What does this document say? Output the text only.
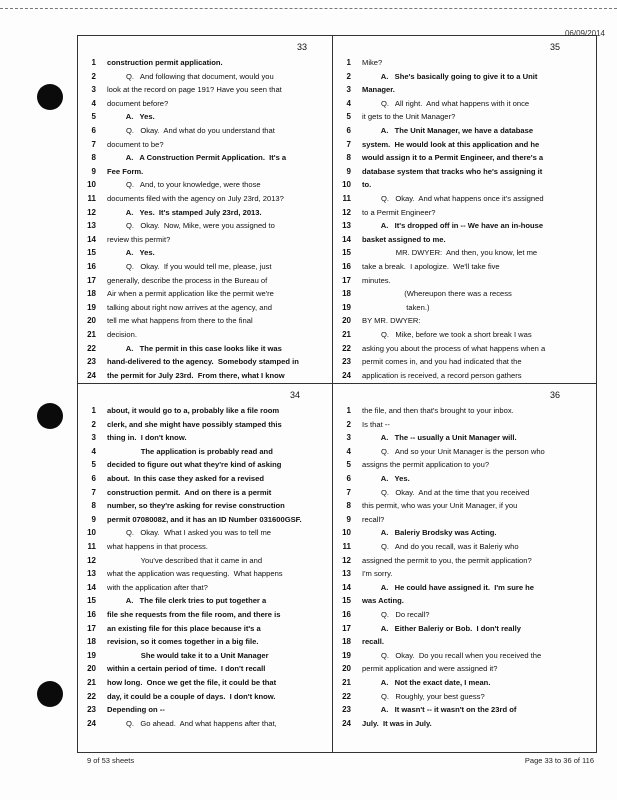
06/09/2014
33
1 construction permit application.
2 Q.   And following that document, would you
3 look at the record on page 191? Have you seen that
4 document before?
5 A.   Yes.
6 Q.   Okay.  And what do you understand that
7 document to be?
8 A.   A Construction Permit Application.  It's a
9 Fee Form.
10 Q.   And, to your knowledge, were those
11 documents filed with the agency on July 23rd, 2013?
12 A.   Yes.  It's stamped July 23rd, 2013.
13 Q.   Okay.  Now, Mike, were you assigned to
14 review this permit?
15 A.   Yes.
16 Q.   Okay.  If you would tell me, please, just
17 generally, describe the process in the Bureau of
18 Air when a permit application like the permit we're
19 talking about right now arrives at the agency, and
20 tell me what happens from there to the final
21 decision.
22 A.   The permit in this case looks like it was
23 hand-delivered to the agency.  Somebody stamped in
24 the permit for July 23rd.  From there, what I know
35
1 Mike?
2 A.   She's basically going to give it to a Unit
3 Manager.
4 Q.   All right.  And what happens with it once
5 it gets to the Unit Manager?
6 A.   The Unit Manager, we have a database
7 system.  He would look at this application and he
8 would assign it to a Permit Engineer, and there's a
9 database system that tracks who he's assigning it
10 to.
11 Q.   Okay.  And what happens once it's assigned
12 to a Permit Engineer?
13 A.   It's dropped off in -- We have an in-house
14 basket assigned to me.
15 MR. DWYER:  And then, you know, let me
16 take a break.  I apologize.  We'll take five
17 minutes.
18 (Whereupon there was a recess
19 taken.)
20 BY MR. DWYER:
21 Q.   Mike, before we took a short break I was
22 asking you about the process of what happens when a
23 permit comes in, and you had indicated that the
24 application is received, a record person gathers
34
1 about, it would go to a, probably like a file room
2 clerk, and she might have possibly stamped this
3 thing in.  I don't know.
4 The application is probably read and
5 decided to figure out what they're kind of asking
6 about.  In this case they asked for a revised
7 construction permit.  And on there is a permit
8 number, so they're asking for revise construction
9 permit 07080082, and it has an ID Number 031600GSF.
10 Q.   Okay.  What I asked you was to tell me
11 what happens in that process.
12 You've described that it came in and
13 what the application was requesting.  What happens
14 with the application after that?
15 A.   The file clerk tries to put together a
16 file she requests from the file room, and there is
17 an existing file for this place because it's a
18 revision, so it comes together in a big file.
19 She would take it to a Unit Manager
20 within a certain period of time.  I don't recall
21 how long.  Once we get the file, it could be that
22 day, it could be a couple of days.  I don't know.
23 Depending on --
24 Q.   Go ahead.  And what happens after that,
36
1 the file, and then that's brought to your inbox.
2 Is that --
3 A.   The -- usually a Unit Manager will.
4 Q.   And so your Unit Manager is the person who
5 assigns the permit application to you?
6 A.   Yes.
7 Q.   Okay.  And at the time that you received
8 this permit, who was your Unit Manager, if you
9 recall?
10 A.   Baleriy Brodsky was Acting.
11 Q.   And do you recall, was it Baleriy who
12 assigned the permit to you, the permit application?
13 I'm sorry.
14 A.   He could have assigned it.  I'm sure he
15 was Acting.
16 Q.   Do recall?
17 A.   Either Baleriy or Bob.  I don't really
18 recall.
19 Q.   Okay.  Do you recall when you received the
20 permit application and were assigned it?
21 A.   Not the exact date, I mean.
22 Q.   Roughly, your best guess?
23 A.   It wasn't -- it wasn't on the 23rd of
24 July.  It was in July.
9 of 53 sheets	Page 33 to 36 of 116
